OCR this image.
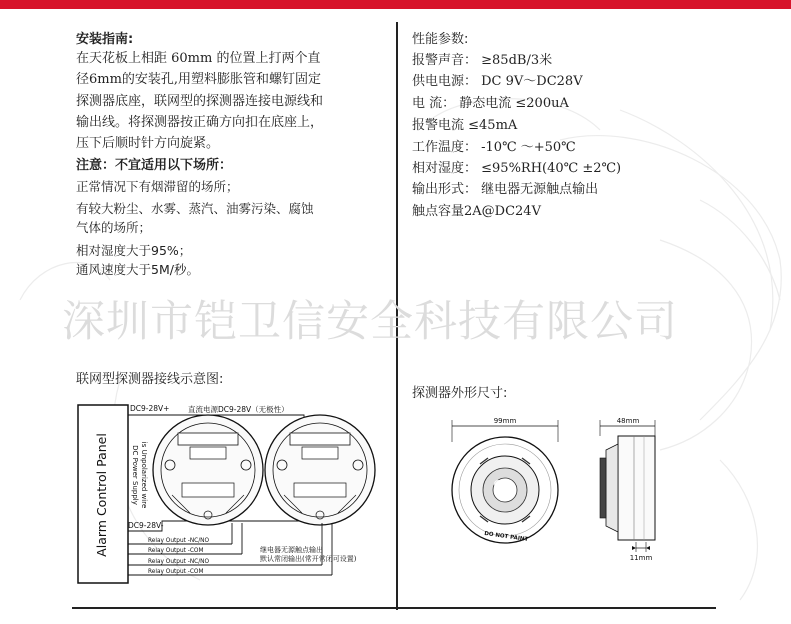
安装指南:
在天花板上相距 60mm 的位置上打两个直
径6mm的安装孔,用塑料膨胀管和螺钉固定
探测器底座，联网型的探测器连接电源线和
输出线。将探测器按正确方向扣在底座上，
压下后顺时针方向旋紧。
注意：不宜适用以下场所：
正常情况下有烟滞留的场所；
有较大粉尘、水雾、蒸汽、油雾污染、腐蚀
气体的场所；
相对湿度大于95%；
通风速度大于5M/秒。
性能参数:
报警声音： ≥85dB/3米
供电电源： DC 9V～DC28V
电 流： 静态电流 ≤200uA
报警电流 ≤45mA
工作温度： -10℃ ～+50℃
相对湿度： ≤95%RH(40℃ ±2℃)
输出形式： 继电器无源触点输出
触点容量2A@DC24V
深圳市铠卫信安全科技有限公司
联网型探测器接线示意图:
探测器外形尺寸:
Alarm Control Panel	DC Power Supply is Unpolarized wire
DC9-28V+
DC9-28V-
直流电源DC9-28V（无极性）
Relay Output -NC/NO
Relay Output -COM
Relay Output -NC/NO
Relay Output -COM
继电器无源触点输出
默认常闭输出(常开常闭可设置)
99mm
DO NOT PAINT
48mm
11mm
